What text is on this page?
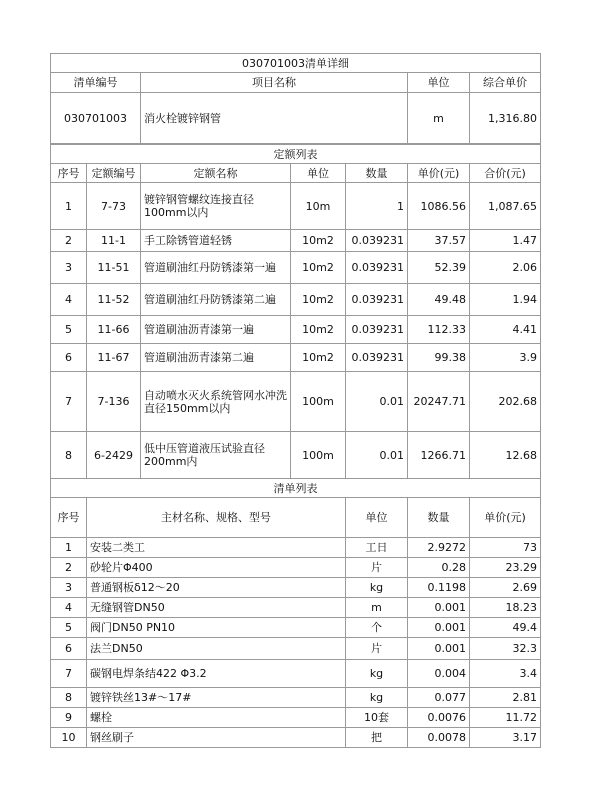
030701003清单详细			
清单编号	项目名称	单位	综合单价
030701003	消火栓镀锌钢管	m	1,316.80
定额列表							
序号	定额编号	定额名称	单位	数量	单价(元)	合价(元)	
1	7-73	镀锌钢管螺纹连接直径100mm以内	10m	1	1086.56	1,087.65	
2	11-1	手工除锈管道轻锈	10m2	0.039231	37.57	1.47	
3	11-51	管道刷油红丹防锈漆第一遍	10m2	0.039231	52.39	2.06	
4	11-52	管道刷油红丹防锈漆第二遍	10m2	0.039231	49.48	1.94	
5	11-66	管道刷油沥青漆第一遍	10m2	0.039231	112.33	4.41	
6	11-67	管道刷油沥青漆第二遍	10m2	0.039231	99.38	3.9	
7	7-136	自动喷水灭火系统管网水冲洗直径150mm以内	100m	0.01	20247.71	202.68	
8	6-2429	低中压管道液压试验直径200mm内	100m	0.01	1266.71	12.68	
清单列表							
序号	主材名称、规格、型号			单位	数量	单价(元)	
1	安装二类工			工日	2.9272	73	
2	砂轮片Φ400			片	0.28	23.29	
3	普通钢板δ12～20			kg	0.1198	2.69	
4	无缝钢管DN50			m	0.001	18.23	
5	阀门DN50 PN10			个	0.001	49.4	
6	法兰DN50			片	0.001	32.3	
7	碳钢电焊条结422 Φ3.2			kg	0.004	3.4	
8	镀锌铁丝13#～17#			kg	0.077	2.81	
9	螺栓			10套	0.0076	11.72	
10	钢丝刷子			把	0.0078	3.17	
